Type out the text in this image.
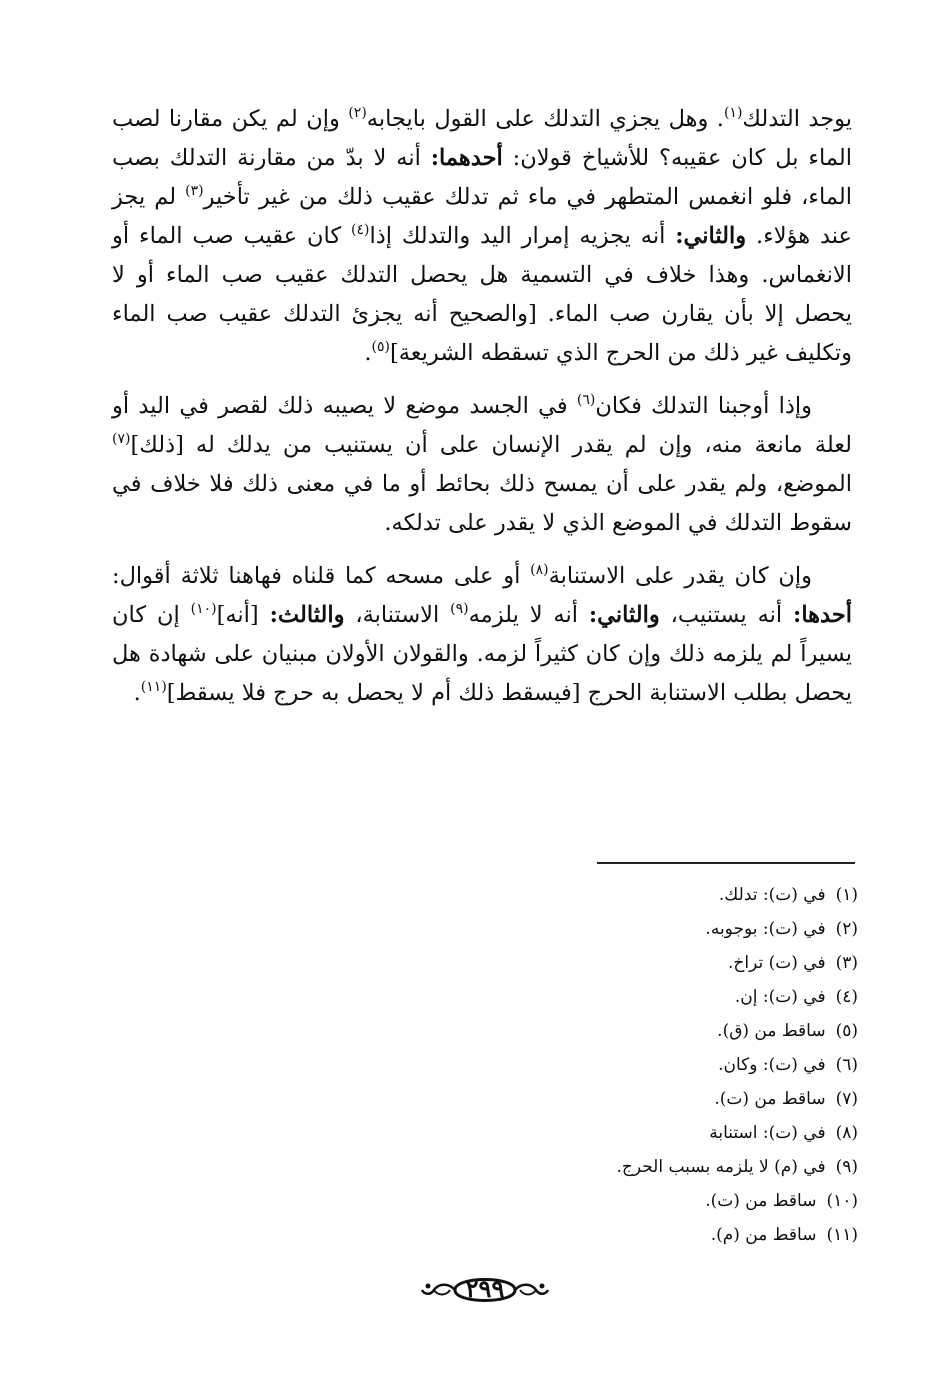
يوجد التدلك$^{(١)}$. وهل يجزي التدلك على القول بايجابه$^{(٢)}$ وإن لم يكن مقارنا لصب الماء بل كان عقيبه؟ للأشياخ قولان: أحدهما: أنه لا بدّ من مقارنة التدلك بصب الماء، فلو انغمس المتطهر في ماء ثم تدلك عقيب ذلك من غير تأخير$^{(٣)}$ لم يجز عند هؤلاء. والثاني: أنه يجزيه إمرار اليد والتدلك إذا$^{(٤)}$ كان عقيب صب الماء أو الانغماس. وهذا خلاف في التسمية هل يحصل التدلك عقيب صب الماء أو لا يحصل إلا بأن يقارن صب الماء. [والصحيح أنه يجزئ التدلك عقيب صب الماء وتكليف غير ذلك من الحرج الذي تسقطه الشريعة]$^{(٥)}$.

وإذا أوجبنا التدلك فكان$^{(٦)}$ في الجسد موضع لا يصيبه ذلك لقصر في اليد أو لعلة مانعة منه، وإن لم يقدر الإنسان على أن يستنيب من يدلك له [ذلك]$^{(٧)}$ الموضع، ولم يقدر على أن يمسح ذلك بحائط أو ما في معنى ذلك فلا خلاف في سقوط التدلك في الموضع الذي لا يقدر على تدلكه.

وإن كان يقدر على الاستنابة$^{(٨)}$ أو على مسحه كما قلناه فهاهنا ثلاثة أقوال: أحدها: أنه يستنيب، والثاني: أنه لا يلزمه$^{(٩)}$ الاستنابة، والثالث: [أنه]$^{(١٠)}$ إن كان يسيراً لم يلزمه ذلك وإن كان كثيراً لزمه. والقولان الأولان مبنيان على شهادة هل يحصل بطلب الاستنابة الحرج [فيسقط ذلك أم لا يحصل به حرج فلا يسقط]$^{(١١)}$.

(١)في (ت): تدلك.
(٢)في (ت): بوجوبه.
(٣)في (ت) تراخ.
(٤)في (ت): إن.
(٥)ساقط من (ق).
(٦)في (ت): وكان.
(٧)ساقط من (ت).
(٨)في (ت): استنابة
(٩)في (م) لا يلزمه بسبب الحرج.
(١٠)ساقط من (ت).
(١١)ساقط من (م).
٢٩٩
